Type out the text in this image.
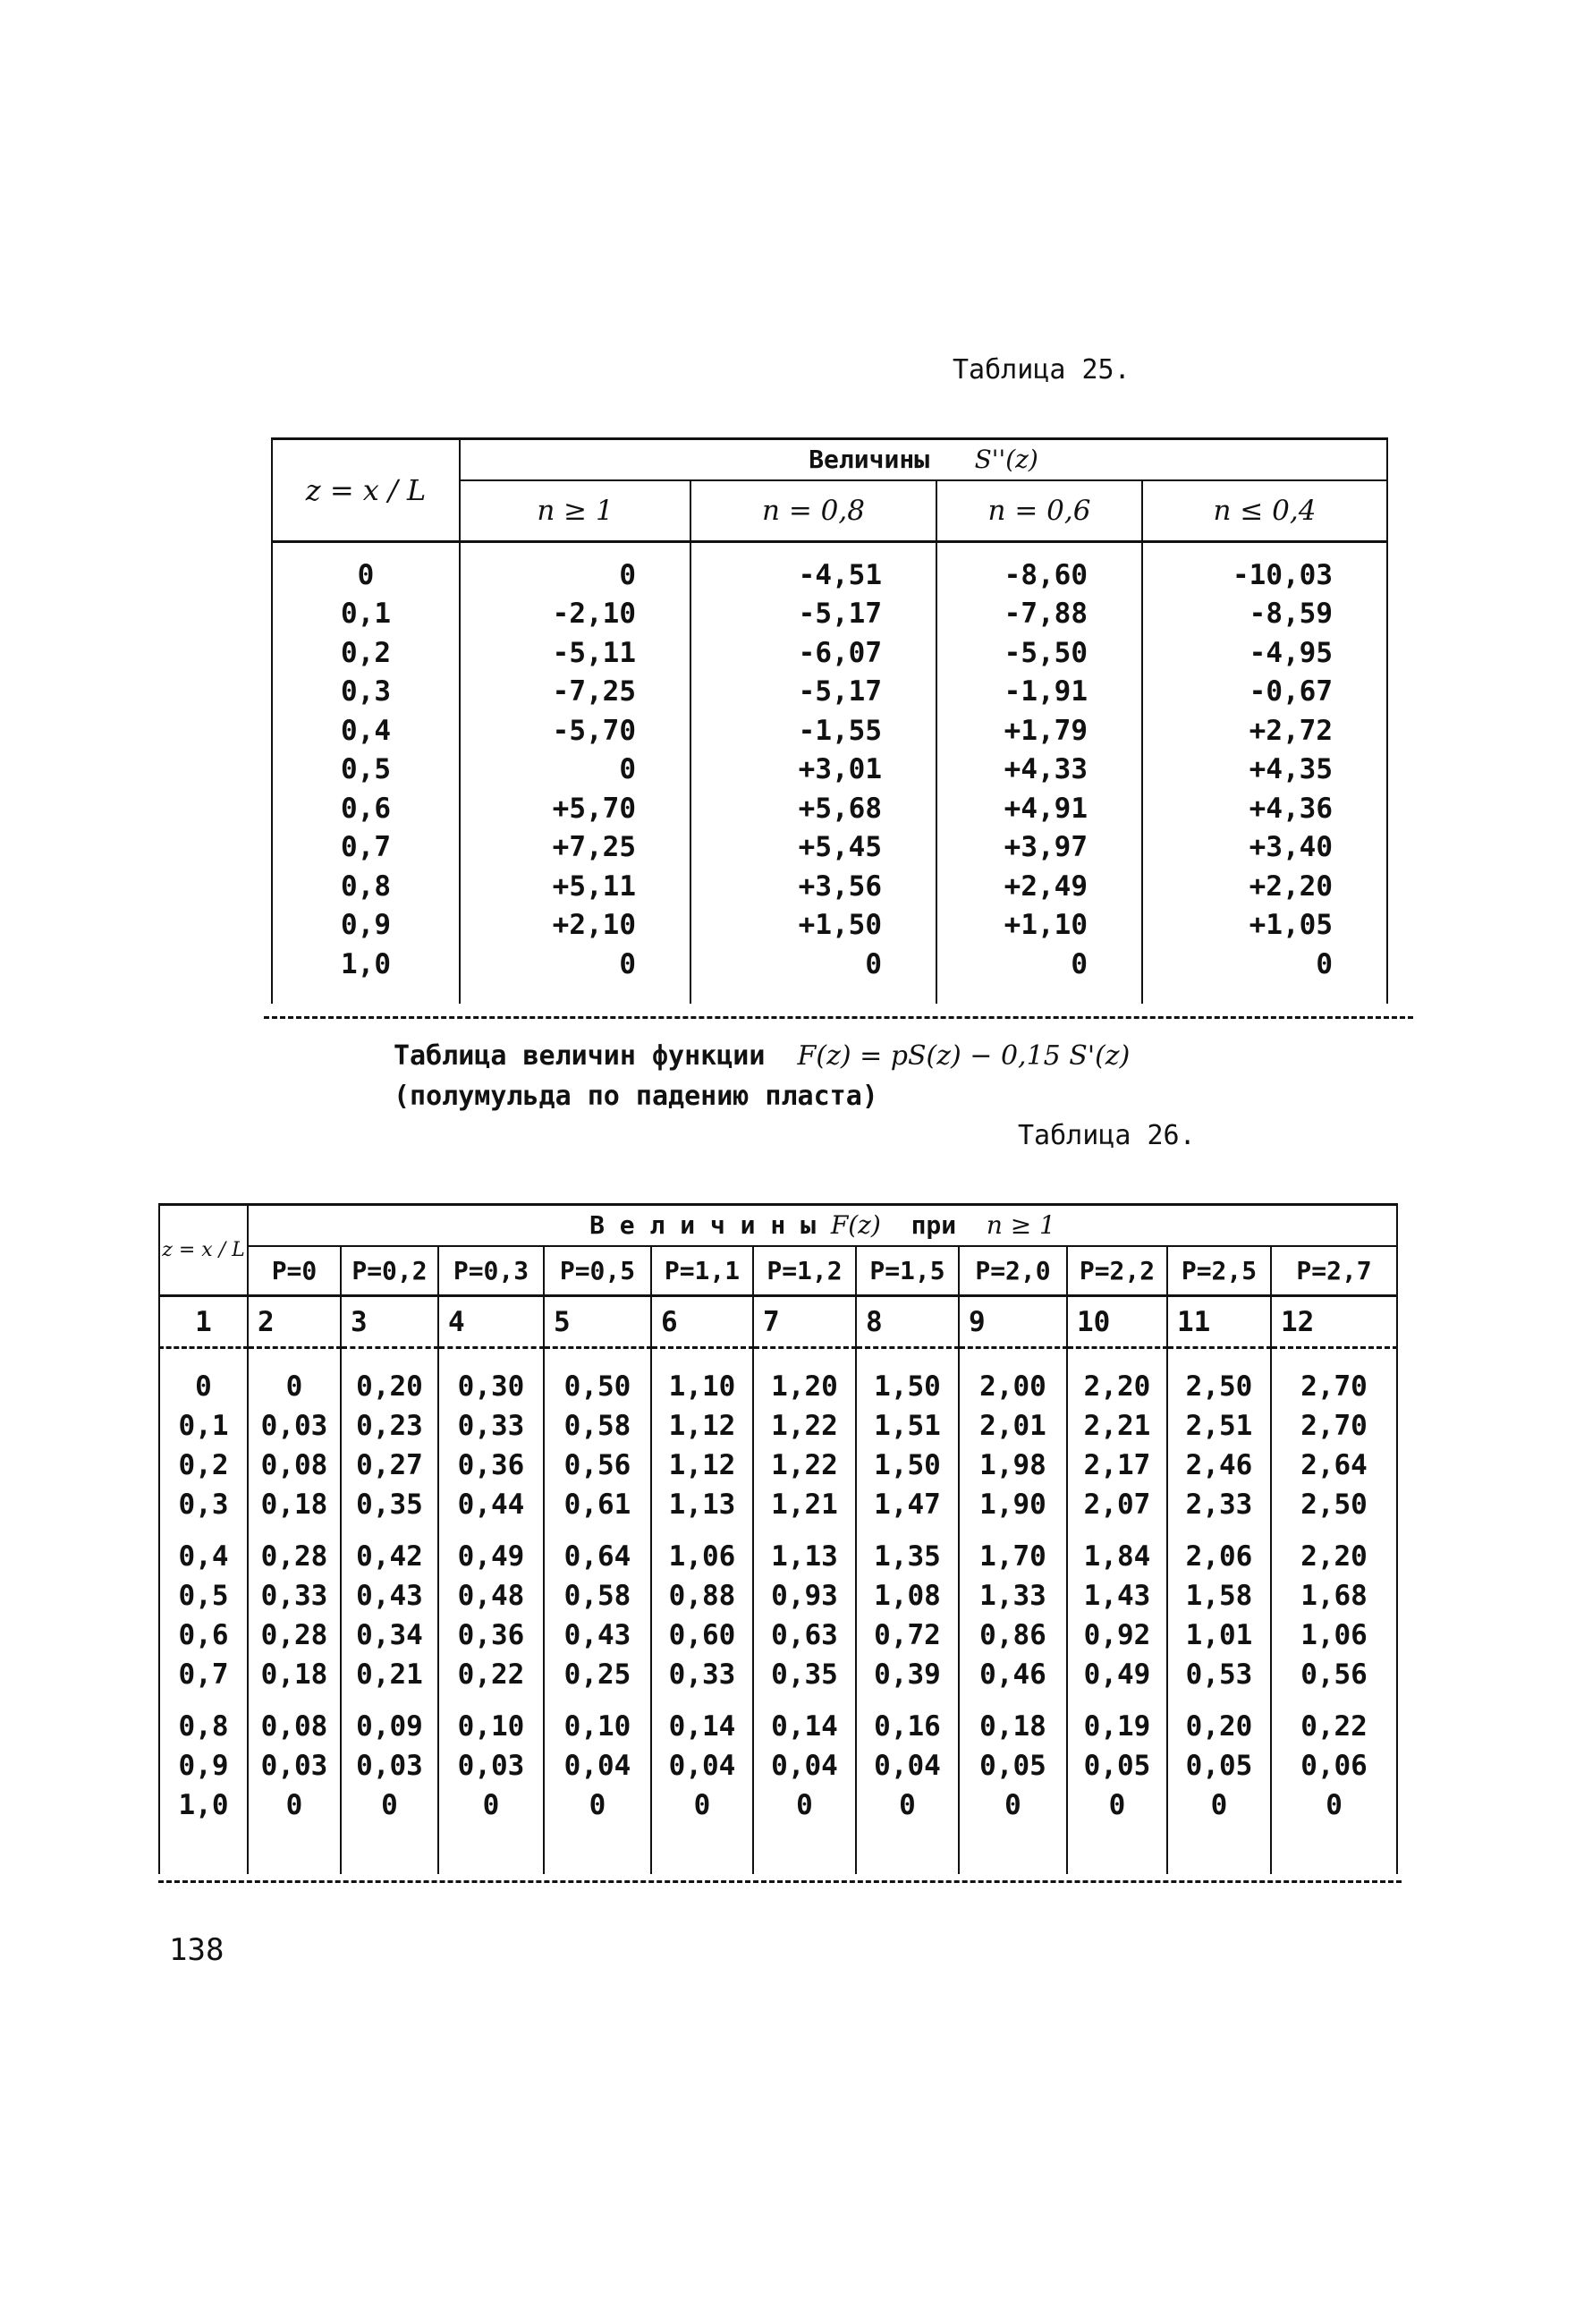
Таблица 25.
z = x / L	Величины S''(z)			
	n ≥ 1	n = 0,8	n = 0,6	n ≤ 0,4
0	0	-4,51	-8,60	-10,03
0,1	-2,10	-5,17	-7,88	-8,59
0,2	-5,11	-6,07	-5,50	-4,95
0,3	-7,25	-5,17	-1,91	-0,67
0,4	-5,70	-1,55	+1,79	+2,72
0,5	0	+3,01	+4,33	+4,35
0,6	+5,70	+5,68	+4,91	+4,36
0,7	+7,25	+5,45	+3,97	+3,40
0,8	+5,11	+3,56	+2,49	+2,20
0,9	+2,10	+1,50	+1,10	+1,05
1,0	0	0	0	0

Таблица величин функции F(z) = pS(z) − 0,15 S'(z)
(полумульда по падению пласта)
Таблица 26.
z = x / L	В е л и ч и н ы F(z) при n ≥ 1										
	P=0	P=0,2	P=0,3	P=0,5	P=1,1	P=1,2	P=1,5	P=2,0	P=2,2	P=2,5	P=2,7
1	2	3	4	5	6	7	8	9	10	11	12

0	0	0,20	0,30	0,50	1,10	1,20	1,50	2,00	2,20	2,50	2,70
0,1	0,03	0,23	0,33	0,58	1,12	1,22	1,51	2,01	2,21	2,51	2,70
0,2	0,08	0,27	0,36	0,56	1,12	1,22	1,50	1,98	2,17	2,46	2,64
0,3	0,18	0,35	0,44	0,61	1,13	1,21	1,47	1,90	2,07	2,33	2,50

0,4	0,28	0,42	0,49	0,64	1,06	1,13	1,35	1,70	1,84	2,06	2,20
0,5	0,33	0,43	0,48	0,58	0,88	0,93	1,08	1,33	1,43	1,58	1,68
0,6	0,28	0,34	0,36	0,43	0,60	0,63	0,72	0,86	0,92	1,01	1,06
0,7	0,18	0,21	0,22	0,25	0,33	0,35	0,39	0,46	0,49	0,53	0,56

0,8	0,08	0,09	0,10	0,10	0,14	0,14	0,16	0,18	0,19	0,20	0,22
0,9	0,03	0,03	0,03	0,04	0,04	0,04	0,04	0,05	0,05	0,05	0,06
1,0	0	0	0	0	0	0	0	0	0	0	0

138
